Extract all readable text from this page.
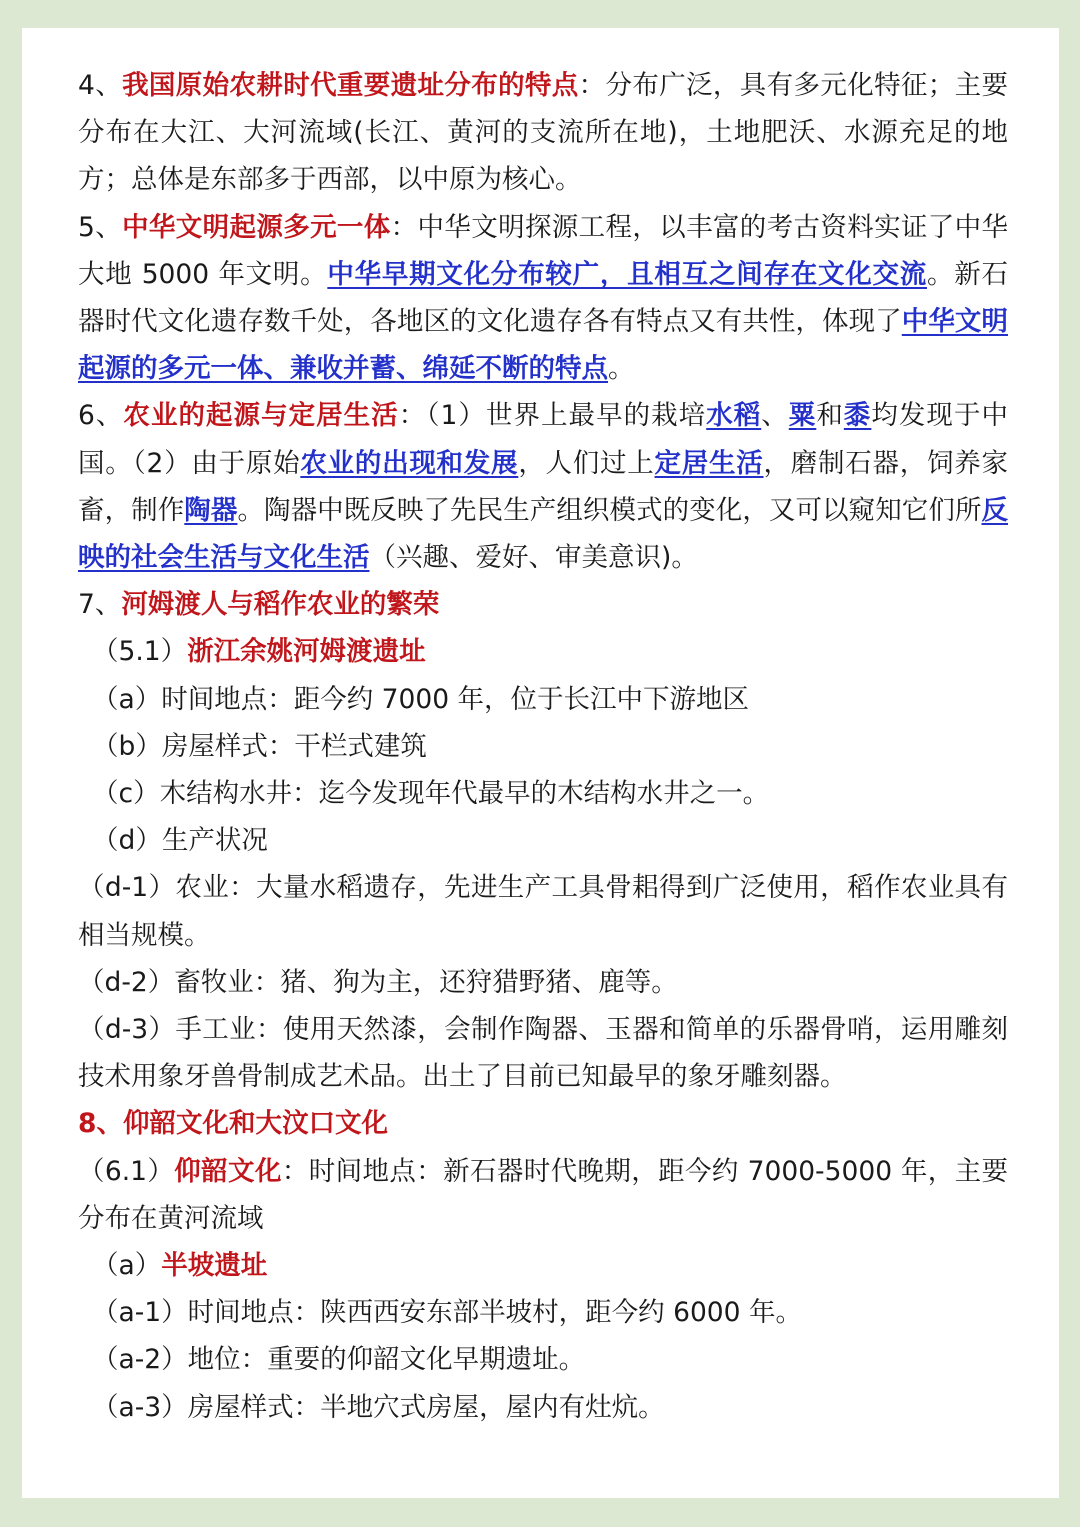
4、我国原始农耕时代重要遗址分布的特点：分布广泛，具有多元化特征；主要分布在大江、大河流域(长江、黄河的支流所在地)，土地肥沃、水源充足的地方；总体是东部多于西部，以中原为核心。

5、中华文明起源多元一体：中华文明探源工程，以丰富的考古资料实证了中华大地 5000 年文明。中华早期文化分布较广，且相互之间存在文化交流。新石器时代文化遗存数千处，各地区的文化遗存各有特点又有共性，体现了中华文明起源的多元一体、兼收并蓄、绵延不断的特点。

6、农业的起源与定居生活：（1）世界上最早的栽培水稻、粟和黍均发现于中国。（2）由于原始农业的出现和发展，人们过上定居生活，磨制石器，饲养家畜，制作陶器。陶器中既反映了先民生产组织模式的变化，又可以窥知它们所反映的社会生活与文化生活（兴趣、爱好、审美意识)。

7、河姆渡人与稻作农业的繁荣

（5.1）浙江余姚河姆渡遗址

（a）时间地点：距今约 7000 年，位于长江中下游地区

（b）房屋样式：干栏式建筑

（c）木结构水井：迄今发现年代最早的木结构水井之一。

（d）生产状况

（d-1）农业：大量水稻遗存，先进生产工具骨耜得到广泛使用，稻作农业具有相当规模。

（d-2）畜牧业：猪、狗为主，还狩猎野猪、鹿等。

（d-3）手工业：使用天然漆，会制作陶器、玉器和简单的乐器骨哨，运用雕刻技术用象牙兽骨制成艺术品。出土了目前已知最早的象牙雕刻器。

8、仰韶文化和大汶口文化

（6.1）仰韶文化：时间地点：新石器时代晚期，距今约 7000-5000 年，主要分布在黄河流域

（a）半坡遗址

（a-1）时间地点：陕西西安东部半坡村，距今约 6000 年。

（a-2）地位：重要的仰韶文化早期遗址。

（a-3）房屋样式：半地穴式房屋，屋内有灶炕。
